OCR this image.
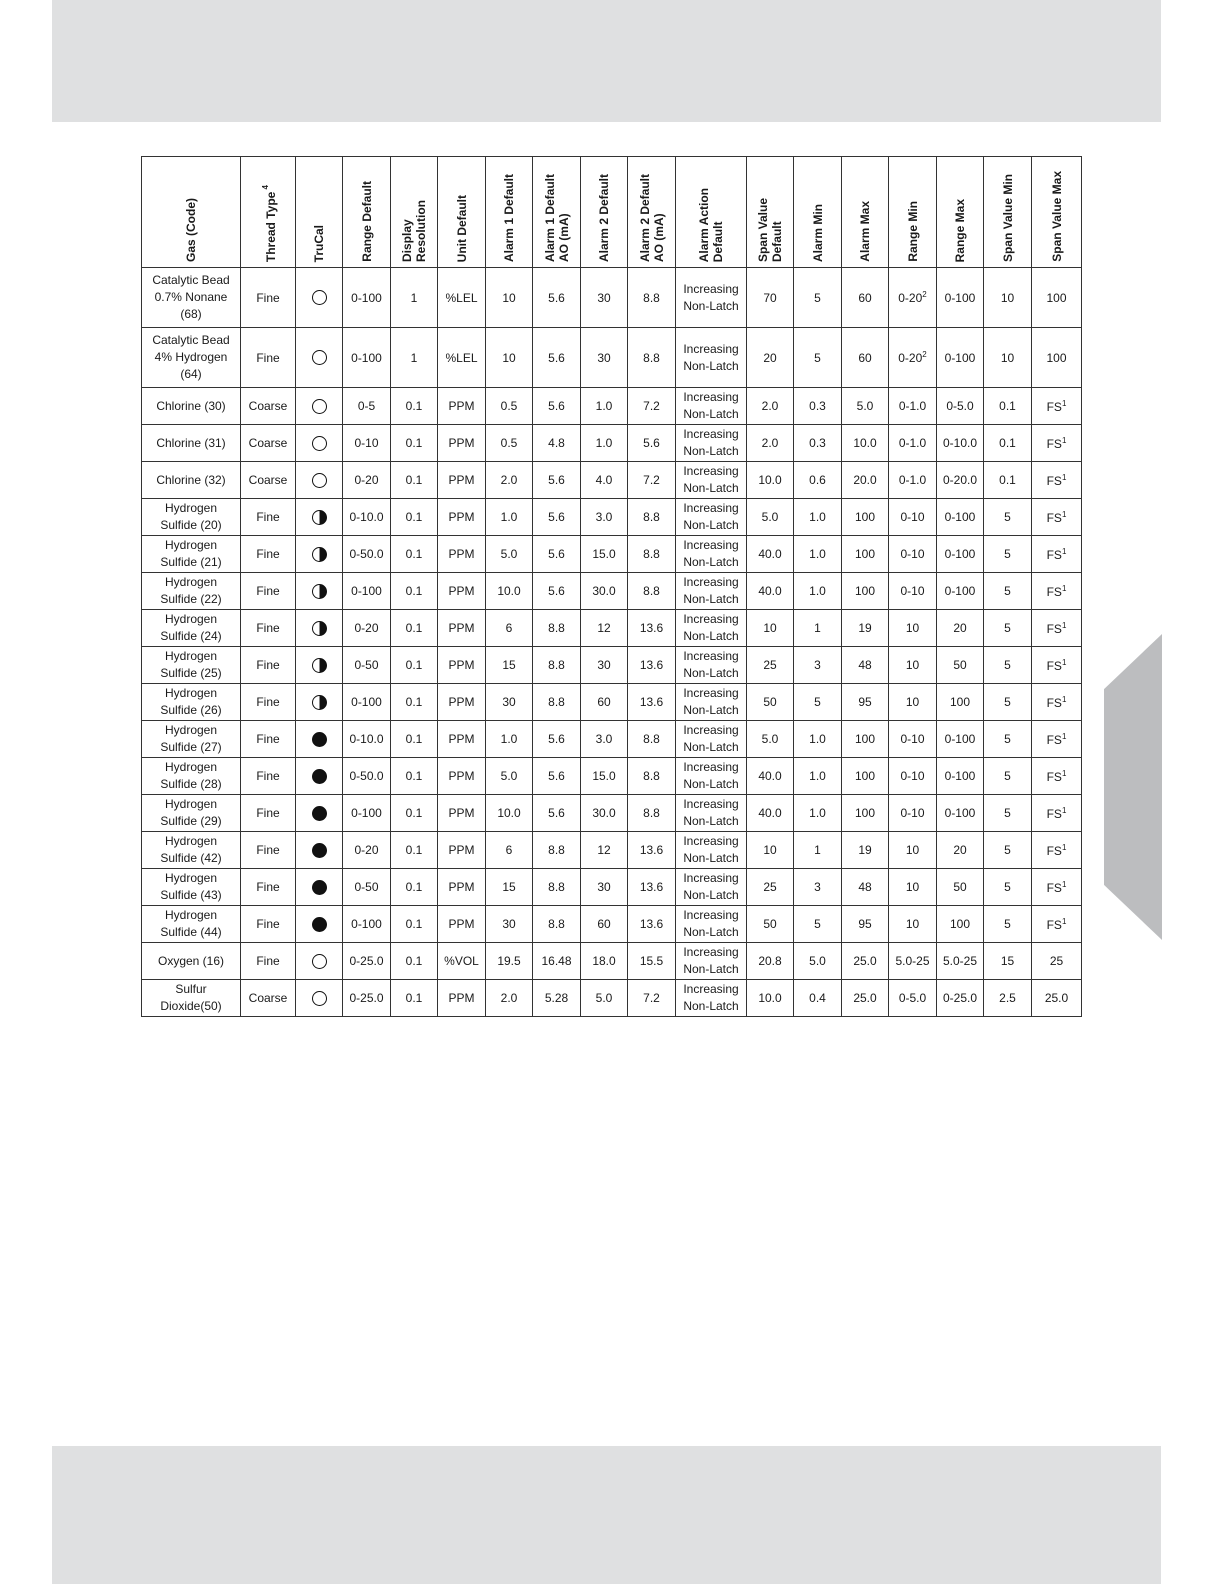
Gas (Code)	Thread Type $^4$	TruCal	Range Default	Display
Resolution	Unit Default	Alarm 1 Default	Alarm 1 Default
AO (mA)	Alarm 2 Default	Alarm 2 Default
AO (mA)	Alarm Action
Default	Span Value
Default	Alarm Min	Alarm Max	Range Min	Range Max	Span Value Min	Span Value Max
Catalytic Bead
0.7% Nonane
(68)	Fine		0-100	1	%LEL	10	5.6	30	8.8	Increasing
Non-Latch	70	5	60	$0-20^2$	0-100	10	100
Catalytic Bead
4% Hydrogen
(64)	Fine		0-100	1	%LEL	10	5.6	30	8.8	Increasing
Non-Latch	20	5	60	$0-20^2$	0-100	10	100
Chlorine (30)	Coarse		0-5	0.1	PPM	0.5	5.6	1.0	7.2	Increasing
Non-Latch	2.0	0.3	5.0	0-1.0	0-5.0	0.1	$FS^1$
Chlorine (31)	Coarse		0-10	0.1	PPM	0.5	4.8	1.0	5.6	Increasing
Non-Latch	2.0	0.3	10.0	0-1.0	0-10.0	0.1	$FS^1$
Chlorine (32)	Coarse		0-20	0.1	PPM	2.0	5.6	4.0	7.2	Increasing
Non-Latch	10.0	0.6	20.0	0-1.0	0-20.0	0.1	$FS^1$
Hydrogen
Sulfide (20)	Fine		0-10.0	0.1	PPM	1.0	5.6	3.0	8.8	Increasing
Non-Latch	5.0	1.0	100	0-10	0-100	5	$FS^1$
Hydrogen
Sulfide (21)	Fine		0-50.0	0.1	PPM	5.0	5.6	15.0	8.8	Increasing
Non-Latch	40.0	1.0	100	0-10	0-100	5	$FS^1$
Hydrogen
Sulfide (22)	Fine		0-100	0.1	PPM	10.0	5.6	30.0	8.8	Increasing
Non-Latch	40.0	1.0	100	0-10	0-100	5	$FS^1$
Hydrogen
Sulfide (24)	Fine		0-20	0.1	PPM	6	8.8	12	13.6	Increasing
Non-Latch	10	1	19	10	20	5	$FS^1$
Hydrogen
Sulfide (25)	Fine		0-50	0.1	PPM	15	8.8	30	13.6	Increasing
Non-Latch	25	3	48	10	50	5	$FS^1$
Hydrogen
Sulfide (26)	Fine		0-100	0.1	PPM	30	8.8	60	13.6	Increasing
Non-Latch	50	5	95	10	100	5	$FS^1$
Hydrogen
Sulfide (27)	Fine		0-10.0	0.1	PPM	1.0	5.6	3.0	8.8	Increasing
Non-Latch	5.0	1.0	100	0-10	0-100	5	$FS^1$
Hydrogen
Sulfide (28)	Fine		0-50.0	0.1	PPM	5.0	5.6	15.0	8.8	Increasing
Non-Latch	40.0	1.0	100	0-10	0-100	5	$FS^1$
Hydrogen
Sulfide (29)	Fine		0-100	0.1	PPM	10.0	5.6	30.0	8.8	Increasing
Non-Latch	40.0	1.0	100	0-10	0-100	5	$FS^1$
Hydrogen
Sulfide (42)	Fine		0-20	0.1	PPM	6	8.8	12	13.6	Increasing
Non-Latch	10	1	19	10	20	5	$FS^1$
Hydrogen
Sulfide (43)	Fine		0-50	0.1	PPM	15	8.8	30	13.6	Increasing
Non-Latch	25	3	48	10	50	5	$FS^1$
Hydrogen
Sulfide (44)	Fine		0-100	0.1	PPM	30	8.8	60	13.6	Increasing
Non-Latch	50	5	95	10	100	5	$FS^1$
Oxygen (16)	Fine		0-25.0	0.1	%VOL	19.5	16.48	18.0	15.5	Increasing
Non-Latch	20.8	5.0	25.0	5.0-25	5.0-25	15	25
Sulfur
Dioxide(50)	Coarse		0-25.0	0.1	PPM	2.0	5.28	5.0	7.2	Increasing
Non-Latch	10.0	0.4	25.0	0-5.0	0-25.0	2.5	25.0
